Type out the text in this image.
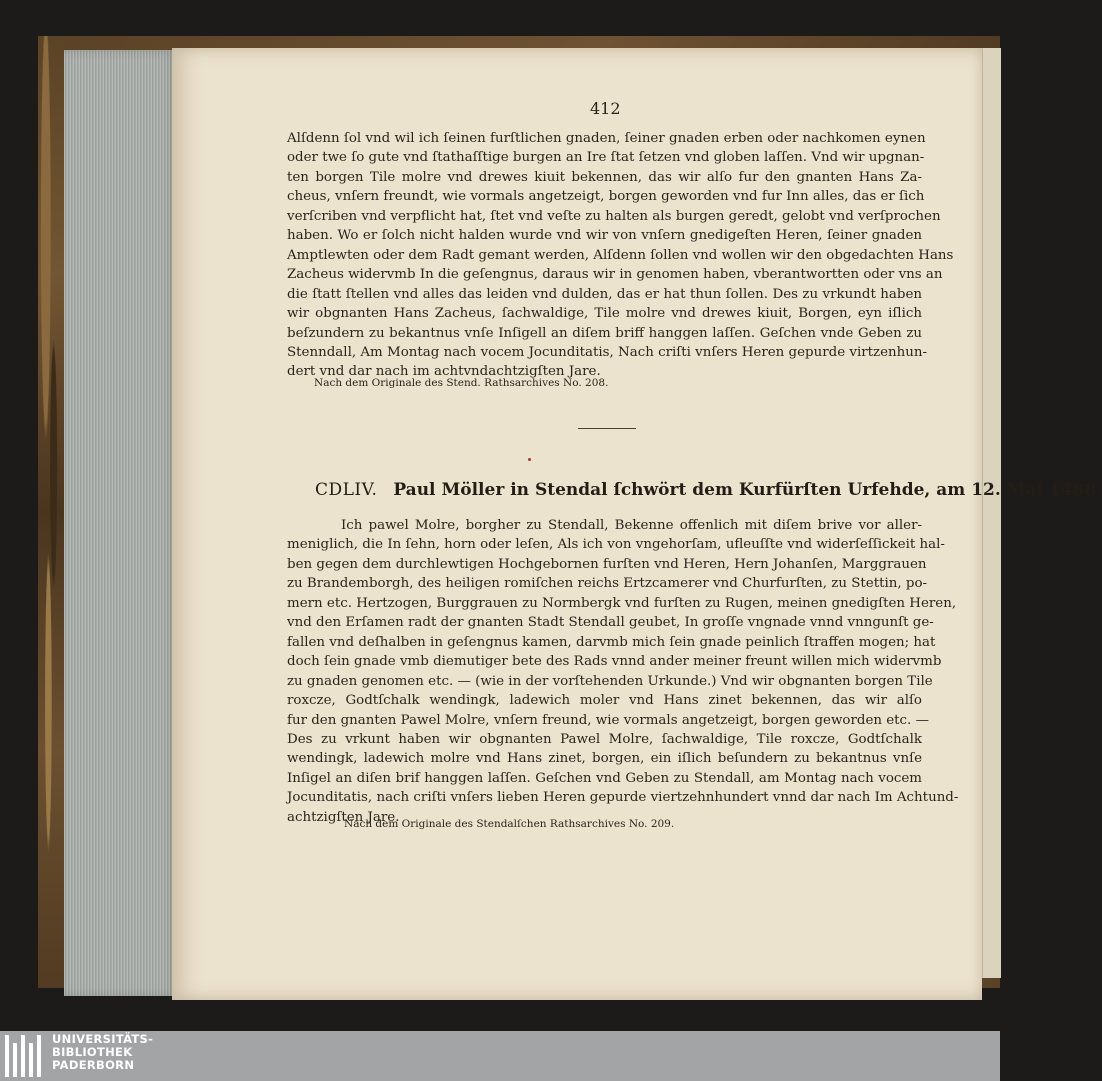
412
Alſdenn ſol vnd wil ich ſeinen furſtlichen gnaden, ſeiner gnaden erben oder nachkomen eynen
oder twe ſo gute vnd ſtathaſſtige burgen an Ire ſtat ſetzen vnd globen laſſen. Vnd wir upgnan-
ten borgen Tile molre vnd drewes kiuit bekennen, das wir alſo fur den gnanten Hans Za-
cheus, vnſern freundt, wie vormals angetzeigt, borgen geworden vnd fur Inn alles, das er ſich
verſcriben vnd verpflicht hat, ſtet vnd veſte zu halten als burgen geredt, gelobt vnd verſprochen
haben. Wo er ſolch nicht halden wurde vnd wir von vnſern gnedigeſten Heren, ſeiner gnaden
Amptlewten oder dem Radt gemant werden, Alſdenn ſollen vnd wollen wir den obgedachten Hans
Zacheus widervmb In die geſengnus, daraus wir in genomen haben, vberantwortten oder vns an
die ſtatt ſtellen vnd alles das leiden vnd dulden, das er hat thun ſollen. Des zu vrkundt haben
wir obgnanten Hans Zacheus, ſachwaldige, Tile molre vnd drewes kiuit, Borgen, eyn iſlich
beſzundern zu bekantnus vnſe Inſigell an diſem briff hanggen laſſen. Geſchen vnde Geben zu
Stenndall, Am Montag nach vocem Jocunditatis, Nach criſti vnſers Heren gepurde virtzenhun-
dert vnd dar nach im achtvndachtzigſten Jare.
Nach dem Originale des Stend. Rathsarchives No. 208.
CDLIV. Paul Möller in Stendal ſchwört dem Kurfürſten Urfehde, am 12. Mai 1488.
Ich pawel Molre, borgher zu Stendall, Bekenne offenlich mit diſem brive vor aller-
meniglich, die In ſehn, horn oder leſen, Als ich von vngehorſam, ufleuſſte vnd widerſeſſickeit hal-
ben gegen dem durchlewtigen Hochgebornen furſten vnd Heren, Hern Johanſen, Marggrauen
zu Brandemborgh, des heiligen romiſchen reichs Ertzcamerer vnd Churfurſten, zu Stettin, po-
mern etc. Hertzogen, Burggrauen zu Normbergk vnd furſten zu Rugen, meinen gnedigſten Heren,
vnd den Erſamen radt der gnanten Stadt Stendall geubet, In groſſe vngnade vnnd vnngunſt ge-
fallen vnd deſhalben in geſengnus kamen, darvmb mich ſein gnade peinlich ſtraffen mogen; hat
doch ſein gnade vmb diemutiger bete des Rads vnnd ander meiner freunt willen mich widervmb
zu gnaden genomen etc. — (wie in der vorſtehenden Urkunde.) Vnd wir obgnanten borgen Tile
roxcze, Godtſchalk wendingk, ladewich moler vnd Hans zinet bekennen, das wir alſo
fur den gnanten Pawel Molre, vnſern freund, wie vormals angetzeigt, borgen geworden etc. —
Des zu vrkunt haben wir obgnanten Pawel Molre, ſachwaldige, Tile roxcze, Godtſchalk
wendingk, ladewich molre vnd Hans zinet, borgen, ein iſlich beſundern zu bekantnus vnſe
Inſigel an diſen brif hanggen laſſen. Geſchen vnd Geben zu Stendall, am Montag nach vocem
Jocunditatis, nach criſti vnſers lieben Heren gepurde viertzehnhundert vnnd dar nach Im Achtund-
achtzigſten Jare.
Nach dem Originale des Stendalſchen Rathsarchives No. 209.
UNIVERSITÄTS-
BIBLIOTHEK
PADERBORN
